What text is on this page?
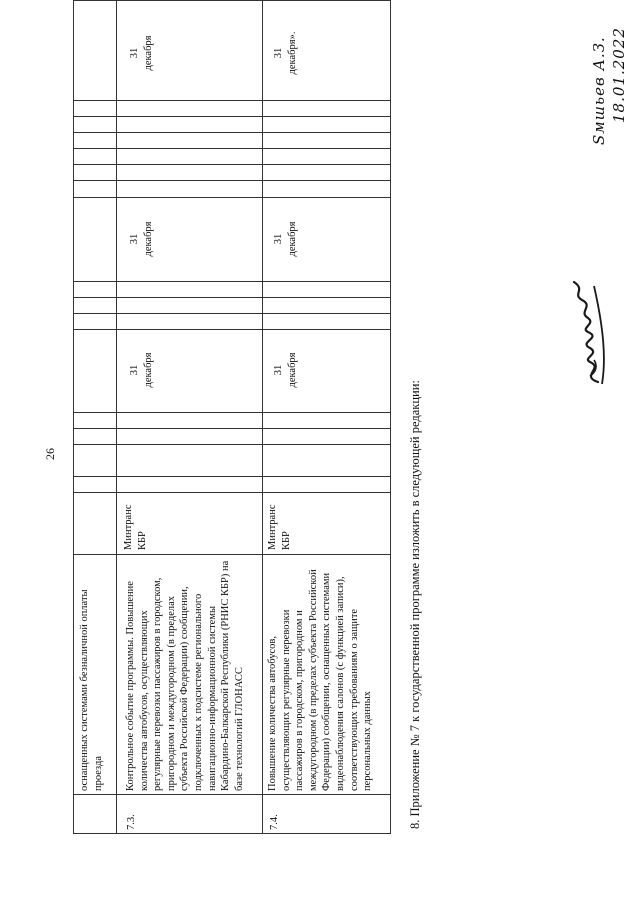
26
оснащенных системами безналичной оплаты проезда
7.3.
Контрольное событие программы. Повышение количества автобусов, осуществляющих регулярные перевозки пассажиров в городском, пригородном и междугородном (в пределах субъекта Российской Федерации) сообщении, подключенных к подсистеме регионального навигационно-информационной системы Кабардино-Балкарской Республики (РНИС КБР) на базе технологий ГЛОНАСС
Минтранс КБР
31 декабря
31 декабря
31 декабря
7.4.
Повышение количества автобусов, осуществляющих регулярные перевозки пассажиров в городском, пригородном и междугородном (в пределах субъекта Российской Федерации) сообщении, оснащенных системами видеонаблюдения салонов (с функцией записи), соответствующих требованиям о защите персональных данных
Минтранс КБР
31 декабря
31 декабря
31 декабря».
8. Приложение № 7 к государственной программе изложить в следующей редакции:
Ѕмшьев А.З. 18.01.2022
